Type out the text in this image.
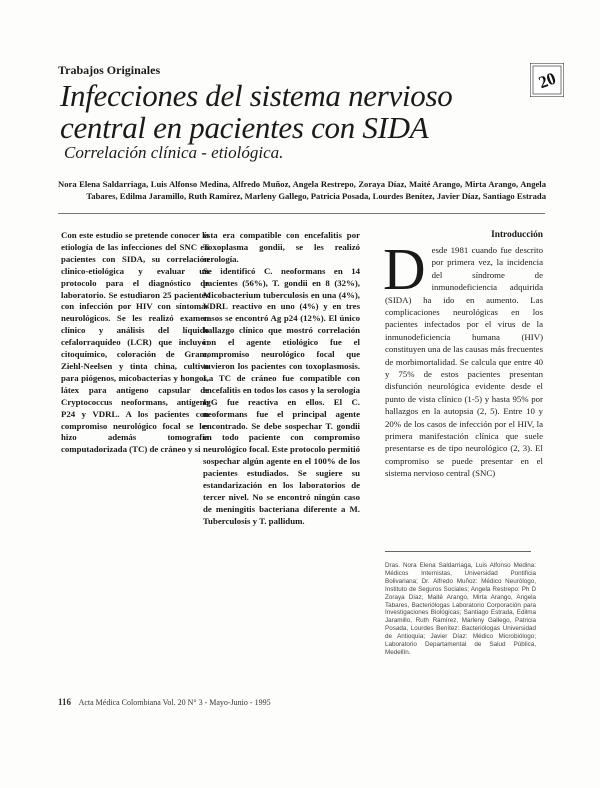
20
Trabajos Originales
Infecciones del sistema nervioso central en pacientes con SIDA
Correlación clínica - etiológica.
Nora Elena Saldarriaga, Luis Alfonso Medina, Alfredo Muñoz, Angela Restrepo, Zoraya Díaz, Maité Arango, Mirta Arango, Angela Tabares, Edilma Jaramillo, Ruth Ramírez, Marleny Gallego, Patricia Posada, Lourdes Benítez, Javier Díaz, Santiago Estrada

Con este estudio se pretende conocer la etiología de las infecciones del SNC en pacientes con SIDA, su correlación clínico-etiológica y evaluar un protocolo para el diagnóstico de laboratorio. Se estudiaron 25 pacientes con infección por HIV con síntomas neurológicos. Se les realizó examen clínico y análisis del líquido cefalorraquídeo (LCR) que incluyó: citoquímico, coloración de Gram, Ziehl-Neelsen y tinta china, cultivo para piógenos, micobacterias y hongos, látex para antígeno capsular de Cryptococcus neoformans, antígeno P24 y VDRL. A los pacientes con compromiso neurológico focal se les hizo además tomografía computadorizada (TC) de cráneo y si

ésta era compatible con encefalitis por Toxoplasma gondii, se les realizó serología.

Se identificó C. neoformans en 14 pacientes (56%), T. gondii en 8 (32%), Micobacterium tuberculosis en una (4%), VDRL reactivo en uno (4%) y en tres casos se encontró Ag p24 (12%). El único hallazgo clínico que mostró correlación con el agente etiológico fue el compromiso neurológico focal que tuvieron los pacientes con toxoplasmosis. La TC de cráneo fue compatible con encefalitis en todos los casos y la serología IgG fue reactiva en ellos. El C. neoformans fue el principal agente encontrado. Se debe sospechar T. gondii en todo paciente con compromiso neurológico focal. Este protocolo permitió sospechar algún agente en el 100% de los pacientes estudiados. Se sugiere su estandarización en los laboratorios de tercer nivel. No se encontró ningún caso de meningitis bacteriana diferente a M. Tuberculosis y T. pallidum.

Introducción

Desde 1981 cuando fue descrito por primera vez, la incidencia del síndrome de inmunodeficiencia adquirida (SIDA) ha ido en aumento. Las complicaciones neurológicas en los pacientes infectados por el virus de la inmunodeficiencia humana (HIV) constituyen una de las causas más frecuentes de morbimortalidad. Se calcula que entre 40 y 75% de estos pacientes presentan disfunción neurológica evidente desde el punto de vista clínico (1-5) y hasta 95% por hallazgos en la autopsia (2, 5). Entre 10 y 20% de los casos de infección por el HIV, la primera manifestación clínica que suele presentarse es de tipo neurológico (2, 3). El compromiso se puede presentar en el sistema nervioso central (SNC)

Dras. Nora Elena Saldarriaga, Luis Alfonso Medina: Médicos Internistas, Universidad Pontificia Bolivariana; Dr. Alfredo Muñoz: Médico Neurólogo, Instituto de Seguros Sociales; Angela Restrepo: Ph D Zoraya Díaz, Maité Arango, Mirta Arango, Angela Tabares, Bacteriólogas Laboratorio Corporación para Investigaciones Biológicas; Santiago Estrada, Edilma Jaramillo, Ruth Ramírez, Marleny Gallego, Patricia Posada, Lourdes Benítez: Bacteriólogas Universidad de Antioquia; Javier Díaz: Médico Microbiólogo; Laboratorio Departamental de Salud Pública, Medellín.
116 Acta Médica Colombiana Vol. 20 N° 3 - Mayo-Junio - 1995
